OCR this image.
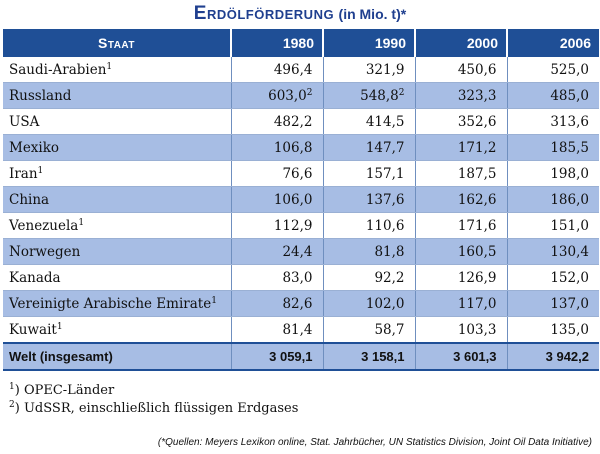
Erdölförderung (in Mio. t)*
Staat	1980	1990	2000	2006
Saudi-Arabien$^1$	496,4	321,9	450,6	525,0
Russland	603,0$^2$	548,8$^2$	323,3	485,0
USA	482,2	414,5	352,6	313,6
Mexiko	106,8	147,7	171,2	185,5
Iran$^1$	76,6	157,1	187,5	198,0
China	106,0	137,6	162,6	186,0
Venezuela$^1$	112,9	110,6	171,6	151,0
Norwegen	24,4	81,8	160,5	130,4
Kanada	83,0	92,2	126,9	152,0
Vereinigte Arabische Emirate$^1$	82,6	102,0	117,0	137,0
Kuwait$^1$	81,4	58,7	103,3	135,0
Welt (insgesamt)	3 059,1	3 158,1	3 601,3	3 942,2
$^1$) OPEC-Länder
$^2$) UdSSR, einschließlich flüssigen Erdgases
(*Quellen: Meyers Lexikon online, Stat. Jahrbücher, UN Statistics Division, Joint Oil Data Initiative)
